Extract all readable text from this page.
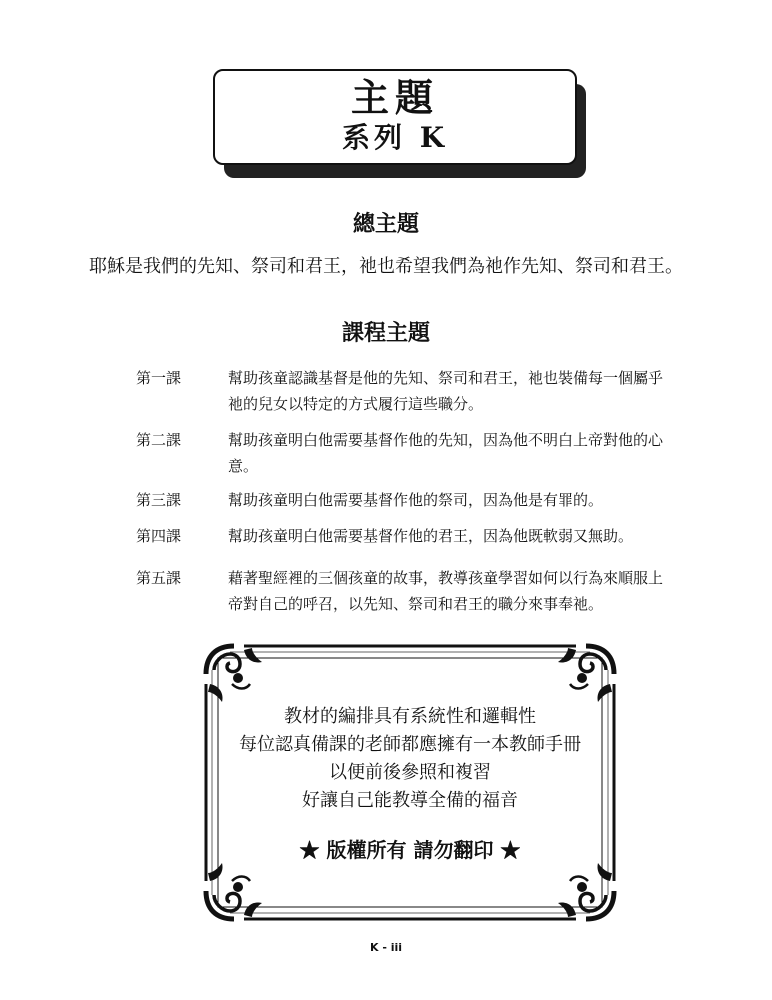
主題
系列 K
總主題
耶穌是我們的先知、祭司和君王，祂也希望我們為祂作先知、祭司和君王。
課程主題
第一課	幫助孩童認識基督是他的先知、祭司和君王，祂也裝備每一個屬乎
祂的兒女以特定的方式履行這些職分。
第二課	幫助孩童明白他需要基督作他的先知，因為他不明白上帝對他的心
意。
第三課	幫助孩童明白他需要基督作他的祭司，因為他是有罪的。
第四課	幫助孩童明白他需要基督作他的君王，因為他既軟弱又無助。
第五課	藉著聖經裡的三個孩童的故事，教導孩童學習如何以行為來順服上
帝對自己的呼召，以先知、祭司和君王的職分來事奉祂。
教材的編排具有系統性和邏輯性
每位認真備課的老師都應擁有一本教師手冊
以便前後參照和複習
好讓自己能教導全備的福音
★ 版權所有 請勿翻印 ★
K - iii
